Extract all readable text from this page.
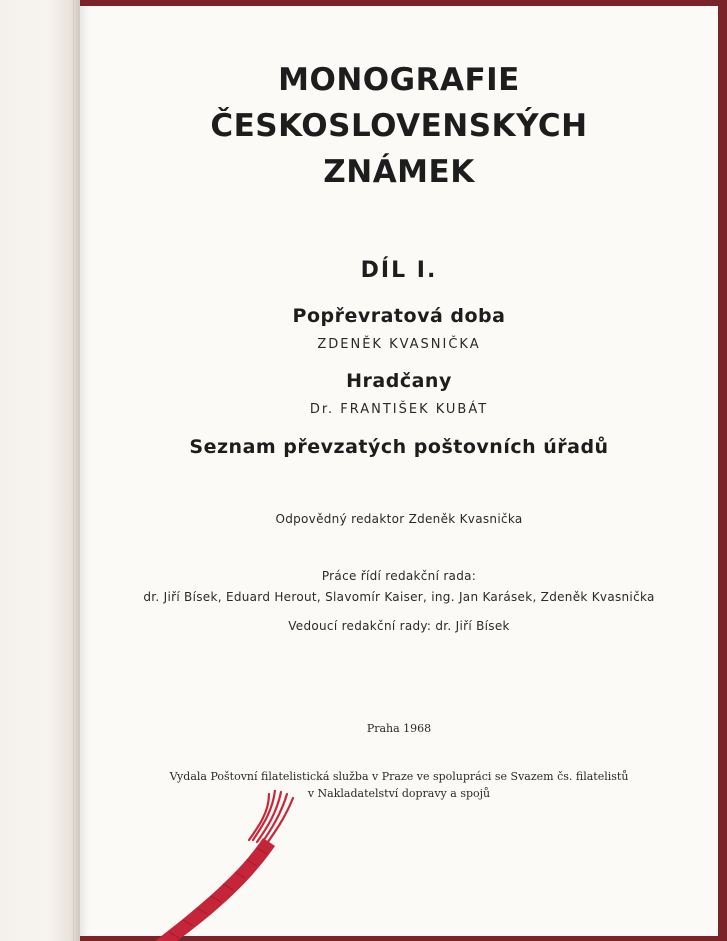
MONOGRAFIE
ČESKOSLOVENSKÝCH
ZNÁMEK
DÍL I.
Popřevratová doba
ZDENĚK KVASNIČKA
Hradčany
Dr. FRANTIŠEK KUBÁT
Seznam převzatých poštovních úřadů
Odpovědný redaktor Zdeněk Kvasnička
Práce řídí redakční rada:
dr. Jiří Bísek, Eduard Herout, Slavomír Kaiser, ing. Jan Karásek, Zdeněk Kvasnička
Vedoucí redakční rady: dr. Jiří Bísek
Praha 1968
Vydala Poštovní filatelistická služba v Praze ve spolupráci se Svazem čs. filatelistů
v Nakladatelství dopravy a spojů
